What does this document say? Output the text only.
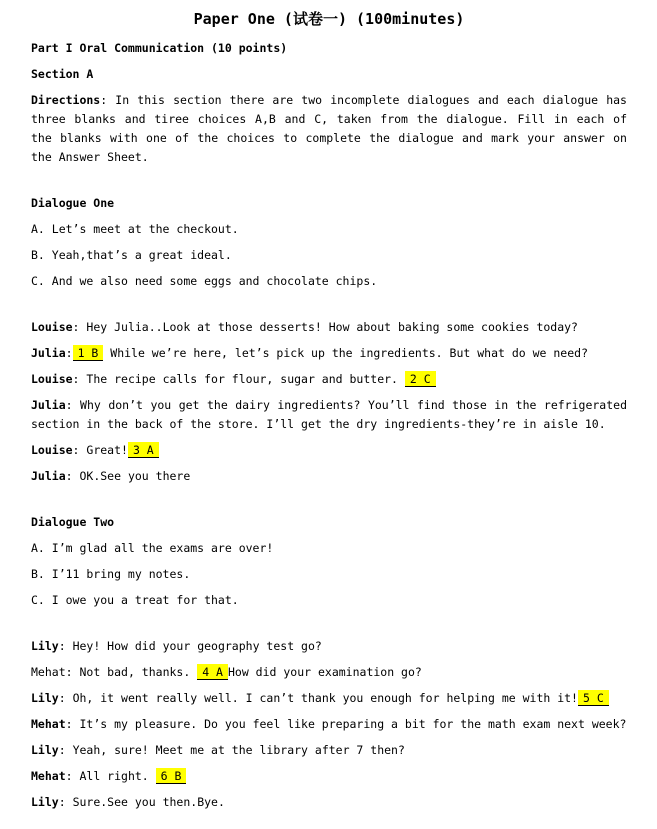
Paper One (试卷一) (100minutes)
Part I Oral Communication (10 points)
Section A
Directions: In this section there are two incomplete dialogues and each dialogue has
three blanks and tiree choices A,B and C, taken from the dialogue. Fill in each of
the blanks with one of the choices to complete the dialogue and mark your answer on
the Answer Sheet.
Dialogue One
A. Let’s meet at the checkout.
B. Yeah,that’s a great ideal.
C. And we also need some eggs and chocolate chips.
Louise: Hey Julia..Look at those desserts! How about baking some cookies today?
Julia: 1 B While we’re here, let’s pick up the ingredients. But what do we need?
Louise: The recipe calls for flour, sugar and butter. 2 C
Julia: Why don’t you get the dairy ingredients? You’ll find those in the refrigerated
section in the back of the store. I’ll get the dry ingredients-they’re in aisle 10.
Louise: Great! 3 A
Julia: OK.See you there
Dialogue Two
A. I’m glad all the exams are over!
B. I’11 bring my notes.
C. I owe you a treat for that.
Lily: Hey! How did your geography test go?
Mehat: Not bad, thanks. 4 A How did your examination go?
Lily: Oh, it went really well. I can’t thank you enough for helping me with it! 5 C
Mehat: It’s my pleasure. Do you feel like preparing a bit for the math exam next week?
Lily: Yeah, sure! Meet me at the library after 7 then?
Mehat: All right. 6 B
Lily: Sure.See you then.Bye.
